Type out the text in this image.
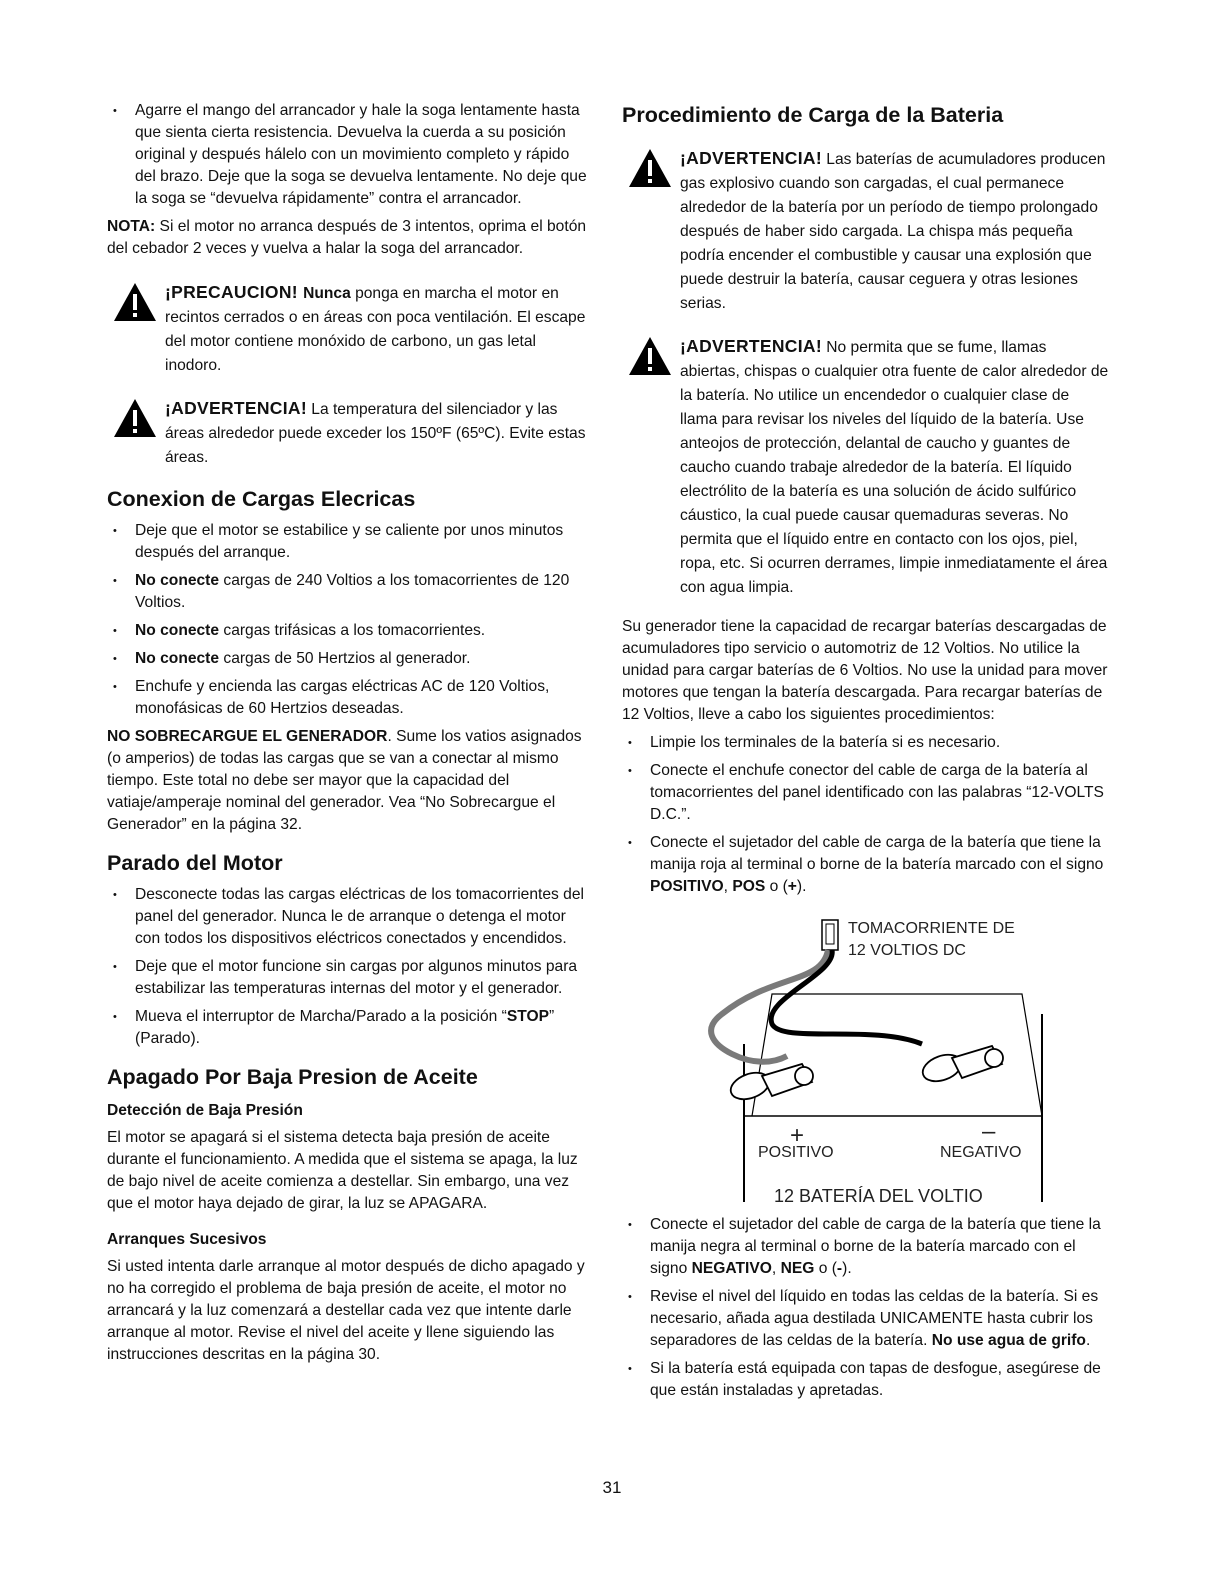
• Agarre el mango del arrancador y hale la soga lentamente hasta que sienta cierta resistencia. Devuelva la cuerda a su posición original y después hálelo con un movimiento completo y rápido del brazo. Deje que la soga se devuelva lentamente. No deje que la soga se “devuelva rápidamente” contra el arrancador.

NOTA: Si el motor no arranca después de 3 intentos, oprima el botón del cebador 2 veces y vuelva a halar la soga del arrancador.

¡PRECAUCION! Nunca ponga en marcha el motor en recintos cerrados o en áreas con poca ventilación. El escape del motor contiene monóxido de carbono, un gas letal inodoro.
¡ADVERTENCIA! La temperatura del silenciador y las áreas alrededor puede exceder los 150ºF (65ºC). Evite estas áreas.
Conexion de Cargas Elecricas
• Deje que el motor se estabilice y se caliente por unos minutos después del arranque.
• No conecte cargas de 240 Voltios a los tomacorrientes de 120 Voltios.
• No conecte cargas trifásicas a los tomacorrientes.
• No conecte cargas de 50 Hertzios al generador.
• Enchufe y encienda las cargas eléctricas AC de 120 Voltios, monofásicas de 60 Hertzios deseadas.

NO SOBRECARGUE EL GENERADOR. Sume los vatios asignados (o amperios) de todas las cargas que se van a conectar al mismo tiempo. Este total no debe ser mayor que la capacidad del vatiaje/amperaje nominal del generador. Vea “No Sobrecargue el Generador” en la página 32.

Parado del Motor
• Desconecte todas las cargas eléctricas de los tomacorrientes del panel del generador. Nunca le de arranque o detenga el motor con todos los dispositivos eléctricos conectados y encendidos.
• Deje que el motor funcione sin cargas por algunos minutos para estabilizar las temperaturas internas del motor y el generador.
• Mueva el interruptor de Marcha/Parado a la posición “STOP” (Parado).
Apagado Por Baja Presion de Aceite
Detección de Baja Presión

El motor se apagará si el sistema detecta baja presión de aceite durante el funcionamiento. A medida que el sistema se apaga, la luz de bajo nivel de aceite comienza a destellar. Sin embargo, una vez que el motor haya dejado de girar, la luz se APAGARA.

Arranques Sucesivos

Si usted intenta darle arranque al motor después de dicho apagado y no ha corregido el problema de baja presión de aceite, el motor no arrancará y la luz comenzará a destellar cada vez que intente darle arranque al motor. Revise el nivel del aceite y llene siguiendo las instrucciones descritas en la página 30.

Procedimiento de Carga de la Bateria
¡ADVERTENCIA! Las baterías de acumuladores producen gas explosivo cuando son cargadas, el cual permanece alrededor de la batería por un período de tiempo prolongado después de haber sido cargada. La chispa más pequeña podría encender el combustible y causar una explosión que puede destruir la batería, causar ceguera y otras lesiones serias.
¡ADVERTENCIA! No permita que se fume, llamas abiertas, chispas o cualquier otra fuente de calor alrededor de la batería. No utilice un encendedor o cualquier clase de llama para revisar los niveles del líquido de la batería. Use anteojos de protección, delantal de caucho y guantes de caucho cuando trabaje alrededor de la batería. El líquido electrólito de la batería es una solución de ácido sulfúrico cáustico, la cual puede causar quemaduras severas. No permita que el líquido entre en contacto con los ojos, piel, ropa, etc. Si ocurren derrames, limpie inmediatamente el área con agua limpia.

Su generador tiene la capacidad de recargar baterías descargadas de acumuladores tipo servicio o automotriz de 12 Voltios. No utilice la unidad para cargar baterías de 6 Voltios. No use la unidad para mover motores que tengan la batería descargada. Para recargar baterías de 12 Voltios, lleve a cabo los siguientes procedimientos:

• Limpie los terminales de la batería si es necesario.
• Conecte el enchufe conector del cable de carga de la batería al tomacorrientes del panel identificado con las palabras “12-VOLTS D.C.”.
• Conecte el sujetador del cable de carga de la batería que tiene la manija roja al terminal o borne de la batería marcado con el signo POSITIVO, POS o (+).
TOMACORRIENTE DE
12 VOLTIOS DC
+	–
POSITIVO	NEGATIVO
12 BATERÍA DEL VOLTIO
• Conecte el sujetador del cable de carga de la batería que tiene la manija negra al terminal o borne de la batería marcado con el signo NEGATIVO, NEG o (-).
• Revise el nivel del líquido en todas las celdas de la batería. Si es necesario, añada agua destilada UNICAMENTE hasta cubrir los separadores de las celdas de la batería. No use agua de grifo.
• Si la batería está equipada con tapas de desfogue, asegúrese de que están instaladas y apretadas.
31
